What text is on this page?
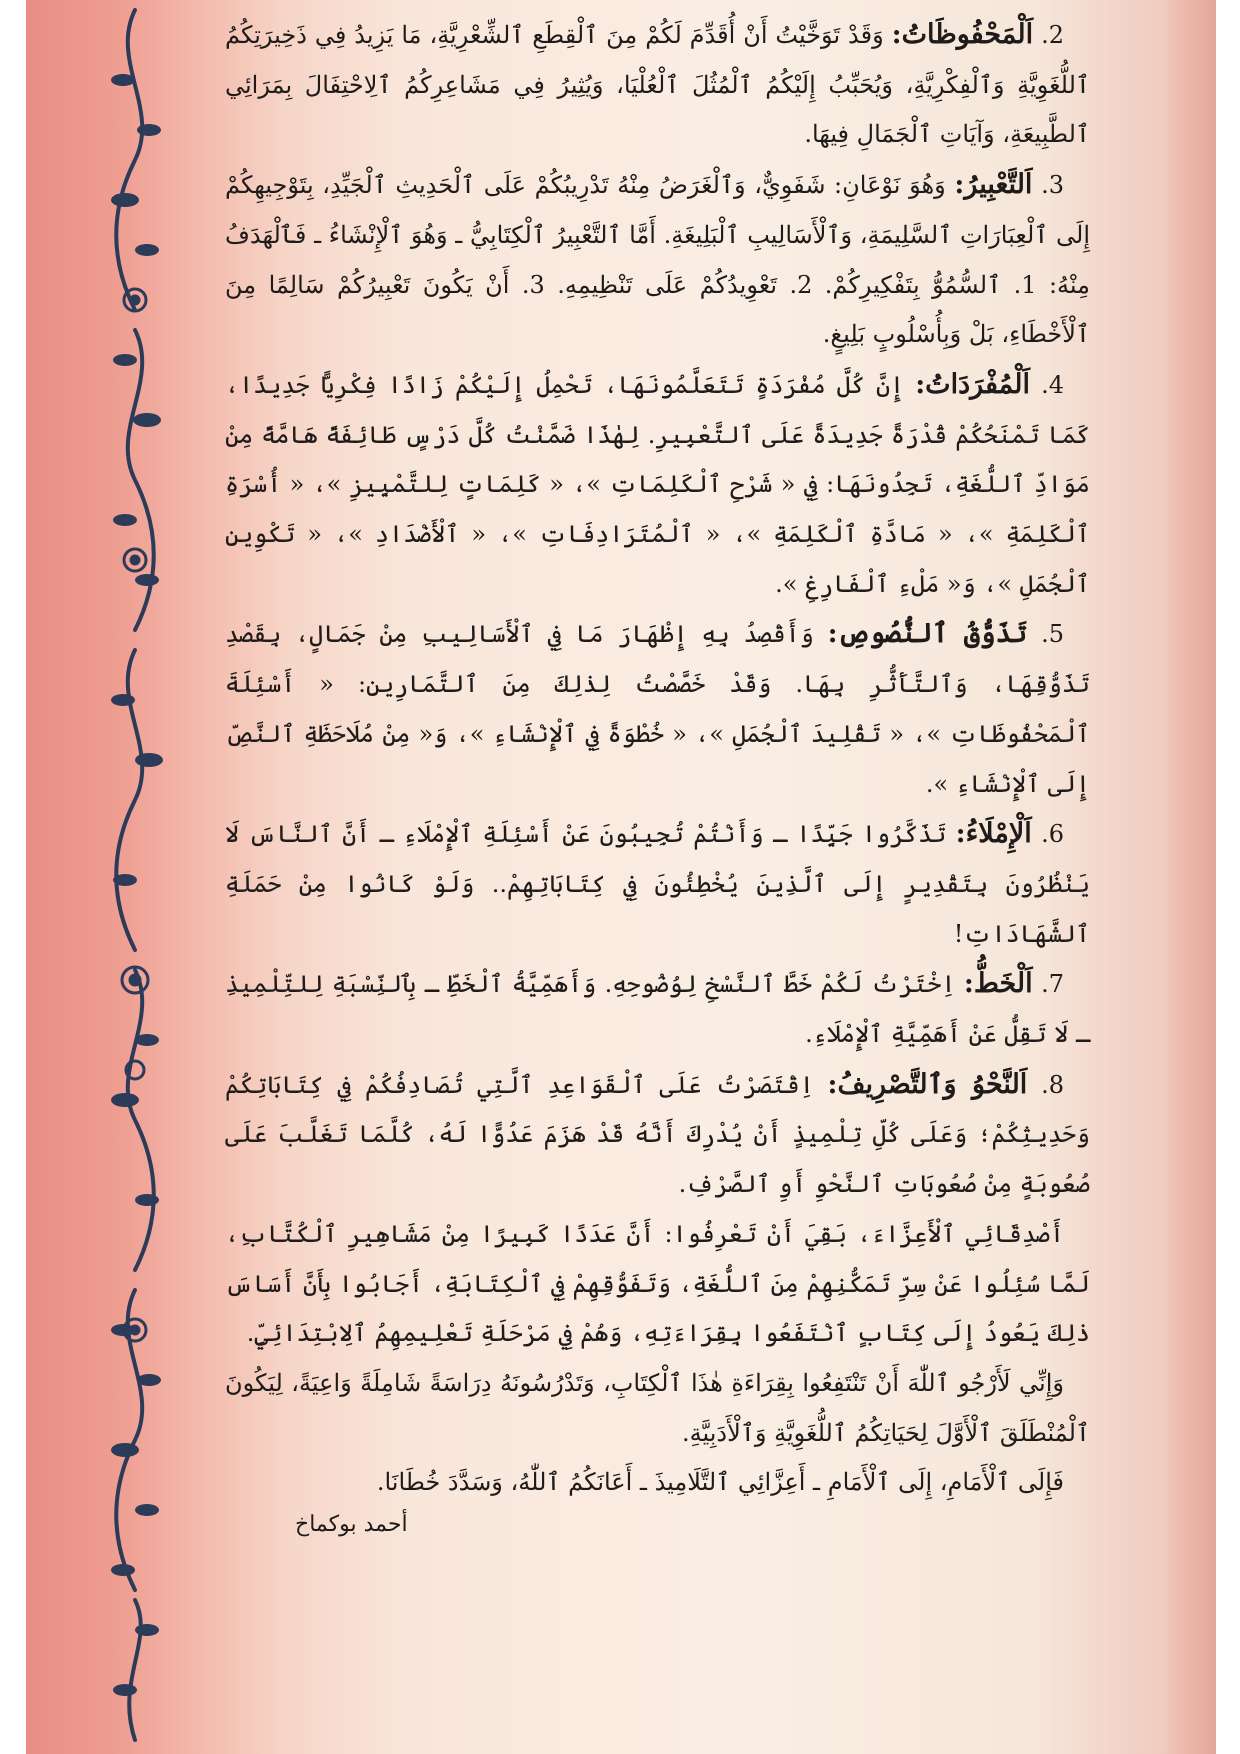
2. اَلْمَحْفُوظَاتُ: وَقَدْ تَوَخَّيْتُ أَنْ أُقَدِّمَ لَكُمْ مِنَ ٱلْقِطَعِ ٱلشِّعْرِيَّةِ، مَا يَزِيدُ فِي ذَخِيرَتِكُمُ ٱللُّغَوِيَّةِ وَٱلْفِكْرِيَّةِ، وَيُحَبِّبُ إِلَيْكُمُ ٱلْمُثُلَ ٱلْعُلْيَا، وَيُثِيرُ فِي مَشَاعِرِكُمُ ٱلِاحْتِفَالَ بِمَرَائِي ٱلطَّبِيعَةِ، وَآيَاتِ ٱلْجَمَالِ فِيهَا.

3. اَلتَّعْبِيرُ: وَهُوَ نَوْعَانِ: شَفَوِيٌّ، وَٱلْغَرَضُ مِنْهُ تَدْرِيبُكُمْ عَلَى ٱلْحَدِيثِ ٱلْجَيِّدِ، بِتَوْجِيهِكُمْ إِلَى ٱلْعِبَارَاتِ ٱلسَّلِيمَةِ، وَٱلْأَسَالِيبِ ٱلْبَلِيغَةِ. أَمَّا ٱلتَّعْبِيرُ ٱلْكِتَابِيُّ ـ وَهُوَ ٱلْإِنْشَاءُ ـ فَٱلْهَدَفُ مِنْهُ: 1. ٱلسُّمُوُّ بِتَفْكِيرِكُمْ. 2. تَعْوِيدُكُمْ عَلَى تَنْظِيمِهِ. 3. أَنْ يَكُونَ تَعْبِيرُكُمْ سَالِمًا مِنَ ٱلْأَخْطَاءِ، بَلْ وَبِأُسْلُوبٍ بَلِيغٍ.

4. اَلْمُفْرَدَاتُ: إِنَّ كُلَّ مُفْرَدَةٍ تَتَعَلَّمُونَهَا، تَحْمِلُ إِلَيْكُمْ زَادًا فِكْرِيًّا جَدِيدًا، كَمَا تَمْنَحُكُمْ قُدْرَةً جَدِيدَةً عَلَى ٱلتَّعْبِيرِ. لِهٰذَا ضَمَّنْتُ كُلَّ دَرْسٍ طَائِفَةً هَامَّةً مِنْ مَوَادِّ ٱللُّغَةِ، تَجِدُونَهَا: فِي « شَرْحِ ٱلْكَلِمَاتِ »، « كَلِمَاتٍ لِلتَّمْيِيزِ »، « أُسْرَةِ ٱلْكَلِمَةِ »، « مَادَّةِ ٱلْكَلِمَةِ »، « ٱلْمُتَرَادِفَاتِ »، « ٱلْأَضْدَادِ »، « تَكْوِينِ ٱلْجُمَلِ »، وَ« مَلْءِ ٱلْفَارِغِ ».

5. تَذَوُّقُ ٱلنُّصُوصِ: وَأَقْصِدُ بِهِ إِظْهَارَ مَا فِي ٱلْأَسَالِيبِ مِنْ جَمَالٍ، بِقَصْدِ تَذَوُّقِهَا، وَٱلتَّأَثُّرِ بِهَا. وَقَدْ خَصَّصْتُ لِذٰلِكَ مِنَ ٱلتَّمَارِينِ: « أَسْئِلَةَ ٱلْمَحْفُوظَاتِ »، « تَقْلِيدَ ٱلْجُمَلِ »، « خُطْوَةً فِي ٱلْإِنْشَاءِ »، وَ« مِنْ مُلَاحَظَةِ ٱلنَّصِّ إِلَى ٱلْإِنْشَاءِ ».

6. اَلْإِمْلَاءُ: تَذَكَّرُوا جَيِّدًا ـ وَأَنْتُمْ تُجِيبُونَ عَنْ أَسْئِلَةِ ٱلْإِمْلَاءِ ـ أَنَّ ٱلنَّاسَ لَا يَنْظُرُونَ بِتَقْدِيرٍ إِلَى ٱلَّذِينَ يُخْطِئُونَ فِي كِتَابَاتِهِمْ.. وَلَوْ كَانُوا مِنْ حَمَلَةِ ٱلشَّهَادَاتِ!

7. اَلْخَطُّ: اِخْتَرْتُ لَكُمْ خَطَّ ٱلنَّسْخِ لِوُضُوحِهِ. وَأَهَمِّيَّةُ ٱلْخَطِّ ـ بِٱلنِّسْبَةِ لِلتِّلْمِيذِ ـ لَا تَقِلُّ عَنْ أَهَمِّيَّةِ ٱلْإِمْلَاءِ.

8. اَلنَّحْوُ وَٱلتَّصْرِيفُ: اِقْتَصَرْتُ عَلَى ٱلْقَوَاعِدِ ٱلَّتِي تُصَادِفُكُمْ فِي كِتَابَاتِكُمْ وَحَدِيثِكُمْ؛ وَعَلَى كُلِّ تِلْمِيذٍ أَنْ يُدْرِكَ أَنَّهُ قَدْ هَزَمَ عَدُوًّا لَهُ، كُلَّمَا تَغَلَّبَ عَلَى صُعُوبَةٍ مِنْ صُعُوبَاتِ ٱلنَّحْوِ أَوِ ٱلصَّرْفِ.

أَصْدِقَائِي ٱلْأَعِزَّاءَ، بَقِيَ أَنْ تَعْرِفُوا: أَنَّ عَدَدًا كَبِيرًا مِنْ مَشَاهِيرِ ٱلْكُتَّابِ، لَمَّا سُئِلُوا عَنْ سِرِّ تَمَكُّنِهِمْ مِنَ ٱللُّغَةِ، وَتَفَوُّقِهِمْ فِي ٱلْكِتَابَةِ، أَجَابُوا بِأَنَّ أَسَاسَ ذٰلِكَ يَعُودُ إِلَى كِتَابٍ ٱنْتَفَعُوا بِقِرَاءَتِهِ، وَهُمْ فِي مَرْحَلَةِ تَعْلِيمِهِمُ ٱلِابْتِدَائِيِّ.

وَإِنِّي لَأَرْجُو ٱللّٰهَ أَنْ تَنْتَفِعُوا بِقِرَاءَةِ هٰذَا ٱلْكِتَابِ، وَتَدْرُسُونَهُ دِرَاسَةً شَامِلَةً وَاعِيَةً، لِيَكُونَ ٱلْمُنْطَلَقَ ٱلْأَوَّلَ لِحَيَاتِكُمُ ٱللُّغَوِيَّةِ وَٱلْأَدَبِيَّةِ.

فَإِلَى ٱلْأَمَامِ، إِلَى ٱلْأَمَامِ ـ أَعِزَّائِي ٱلتَّلَامِيذَ ـ أَعَانَكُمُ ٱللّٰهُ، وَسَدَّدَ خُطَانَا.

أحمد بوكماخ
